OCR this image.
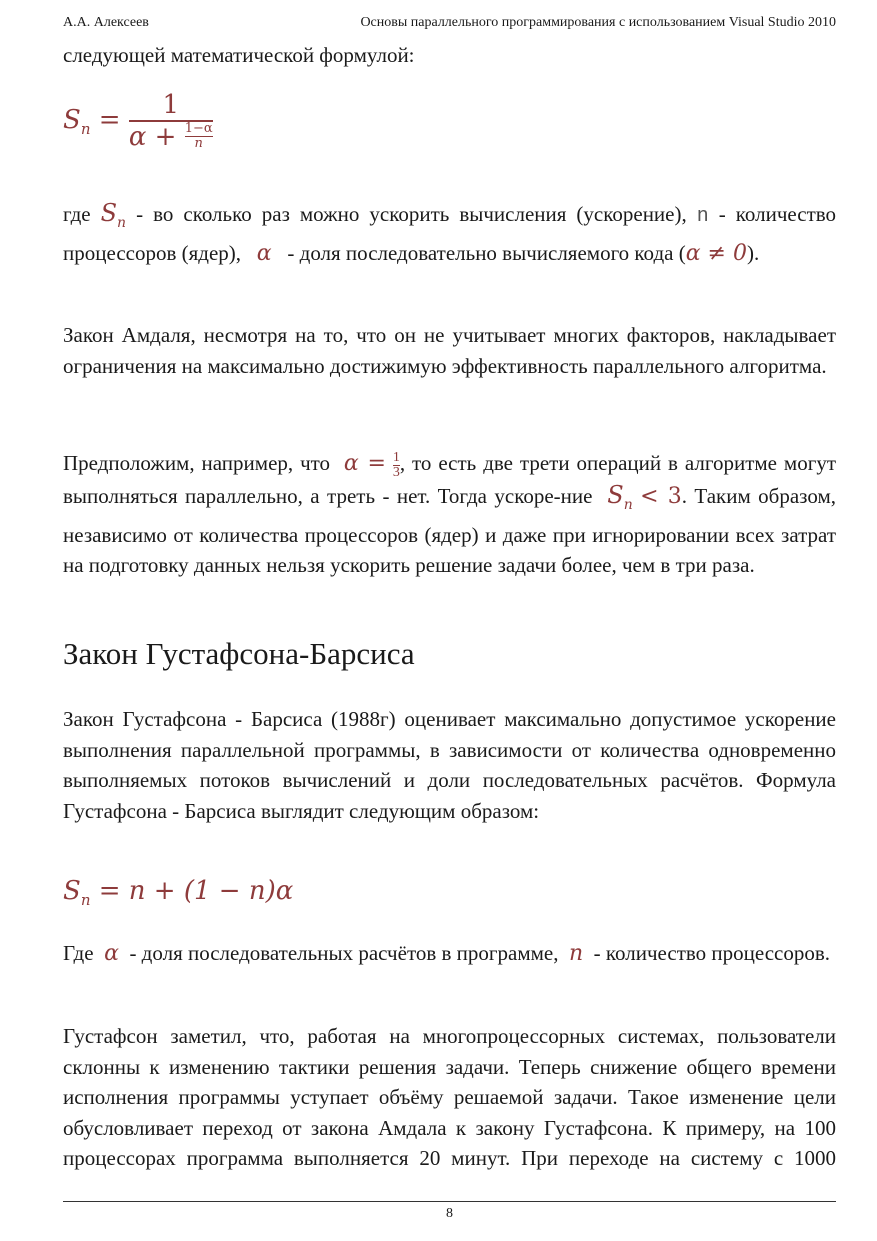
А.А. Алексеев	Основы параллельного программирования с использованием Visual Studio 2010
следующей математической формулой:
$S_n = 1$
α +
$\frac{1-\alpha}{n}$
где $S_n$ - во сколько раз можно ускорить вычисления (ускорение), n - количество процессоров (ядер), α - доля последовательно вычисляемого кода (α ≠ 0).
Закон Амдаля, несмотря на то, что он не учитывает многих факторов, накладывает ограничения на максимально достижимую эффективность параллельного алгоритма.
Предположим, например, что $\alpha = \frac{1}{3}$ , то есть две трети операций в алгоритме могут выполняться параллельно, а треть - нет. Тогда ускоре-ние $S_n < 3$. Таким образом, независимо от количества процессоров (ядер) и даже при игнорировании всех затрат на подготовку данных нельзя ускорить решение задачи более, чем в три раза.
Закон Густафсона-Барсиса
Закон Густафсона - Барсиса (1988г) оценивает максимально допустимое ускорение выполнения параллельной программы, в зависимости от количества одновременно выполняемых потоков вычислений и доли последовательных расчётов. Формула Густафсона - Барсиса выглядит следующим образом:
$S_n = n + (1 - n)\alpha$
Где α - доля последовательных расчётов в программе, n - количество процессоров.
Густафсон заметил, что, работая на многопроцессорных системах, пользователи склонны к изменению тактики решения задачи. Теперь снижение общего времени исполнения программы уступает объёму решаемой задачи. Такое изменение цели обусловливает переход от закона Амдала к закону Густафсона. К примеру, на 100 процессорах программа выполняется 20 минут. При переходе на систему с 1000
8
